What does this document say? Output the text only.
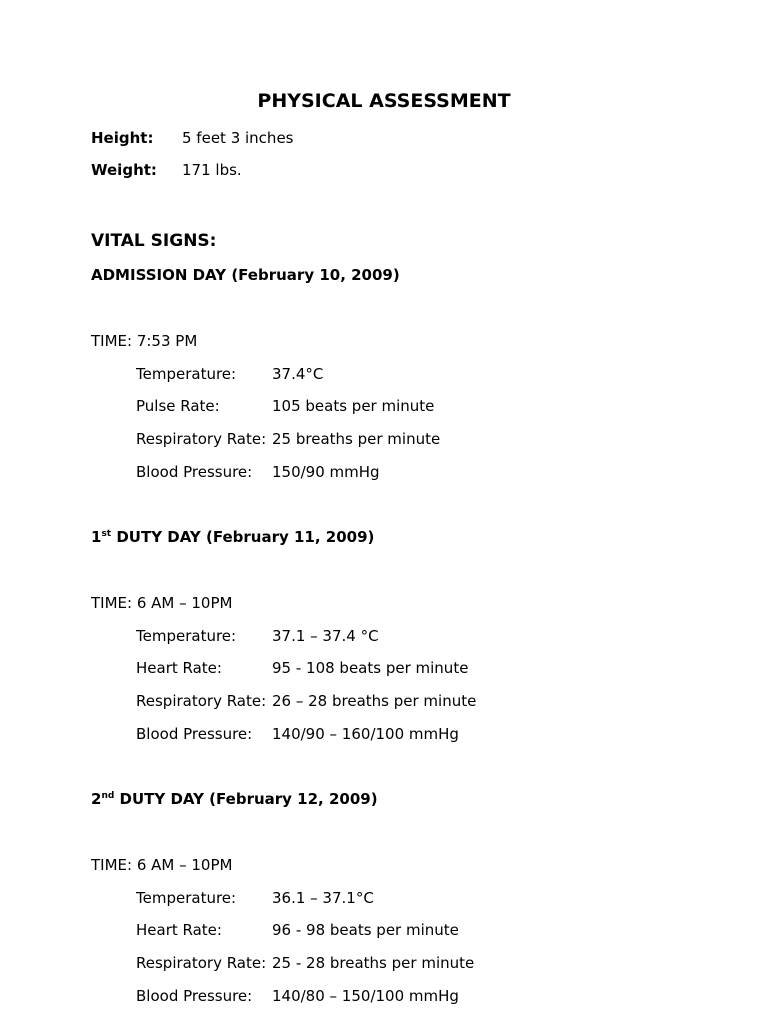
PHYSICAL ASSESSMENT
Height: 5 feet 3 inches
Weight: 171 lbs.
VITAL SIGNS:
ADMISSION DAY (February 10, 2009)
TIME: 7:53 PM
Temperature: 37.4°C
Pulse Rate:	105 beats per minute
Respiratory Rate: 25 breaths per minute
Blood Pressure: 150/90 mmHg
1st DUTY DAY (February 11, 2009)
TIME: 6 AM – 10PM
Temperature: 37.1 – 37.4 °C
Heart Rate:	95 - 108 beats per minute
Respiratory Rate: 26 – 28 breaths per minute
Blood Pressure: 140/90 – 160/100 mmHg
2nd DUTY DAY (February 12, 2009)
TIME: 6 AM – 10PM
Temperature: 36.1 – 37.1°C
Heart Rate:	96 - 98 beats per minute
Respiratory Rate: 25 - 28 breaths per minute
Blood Pressure: 140/80 – 150/100 mmHg
